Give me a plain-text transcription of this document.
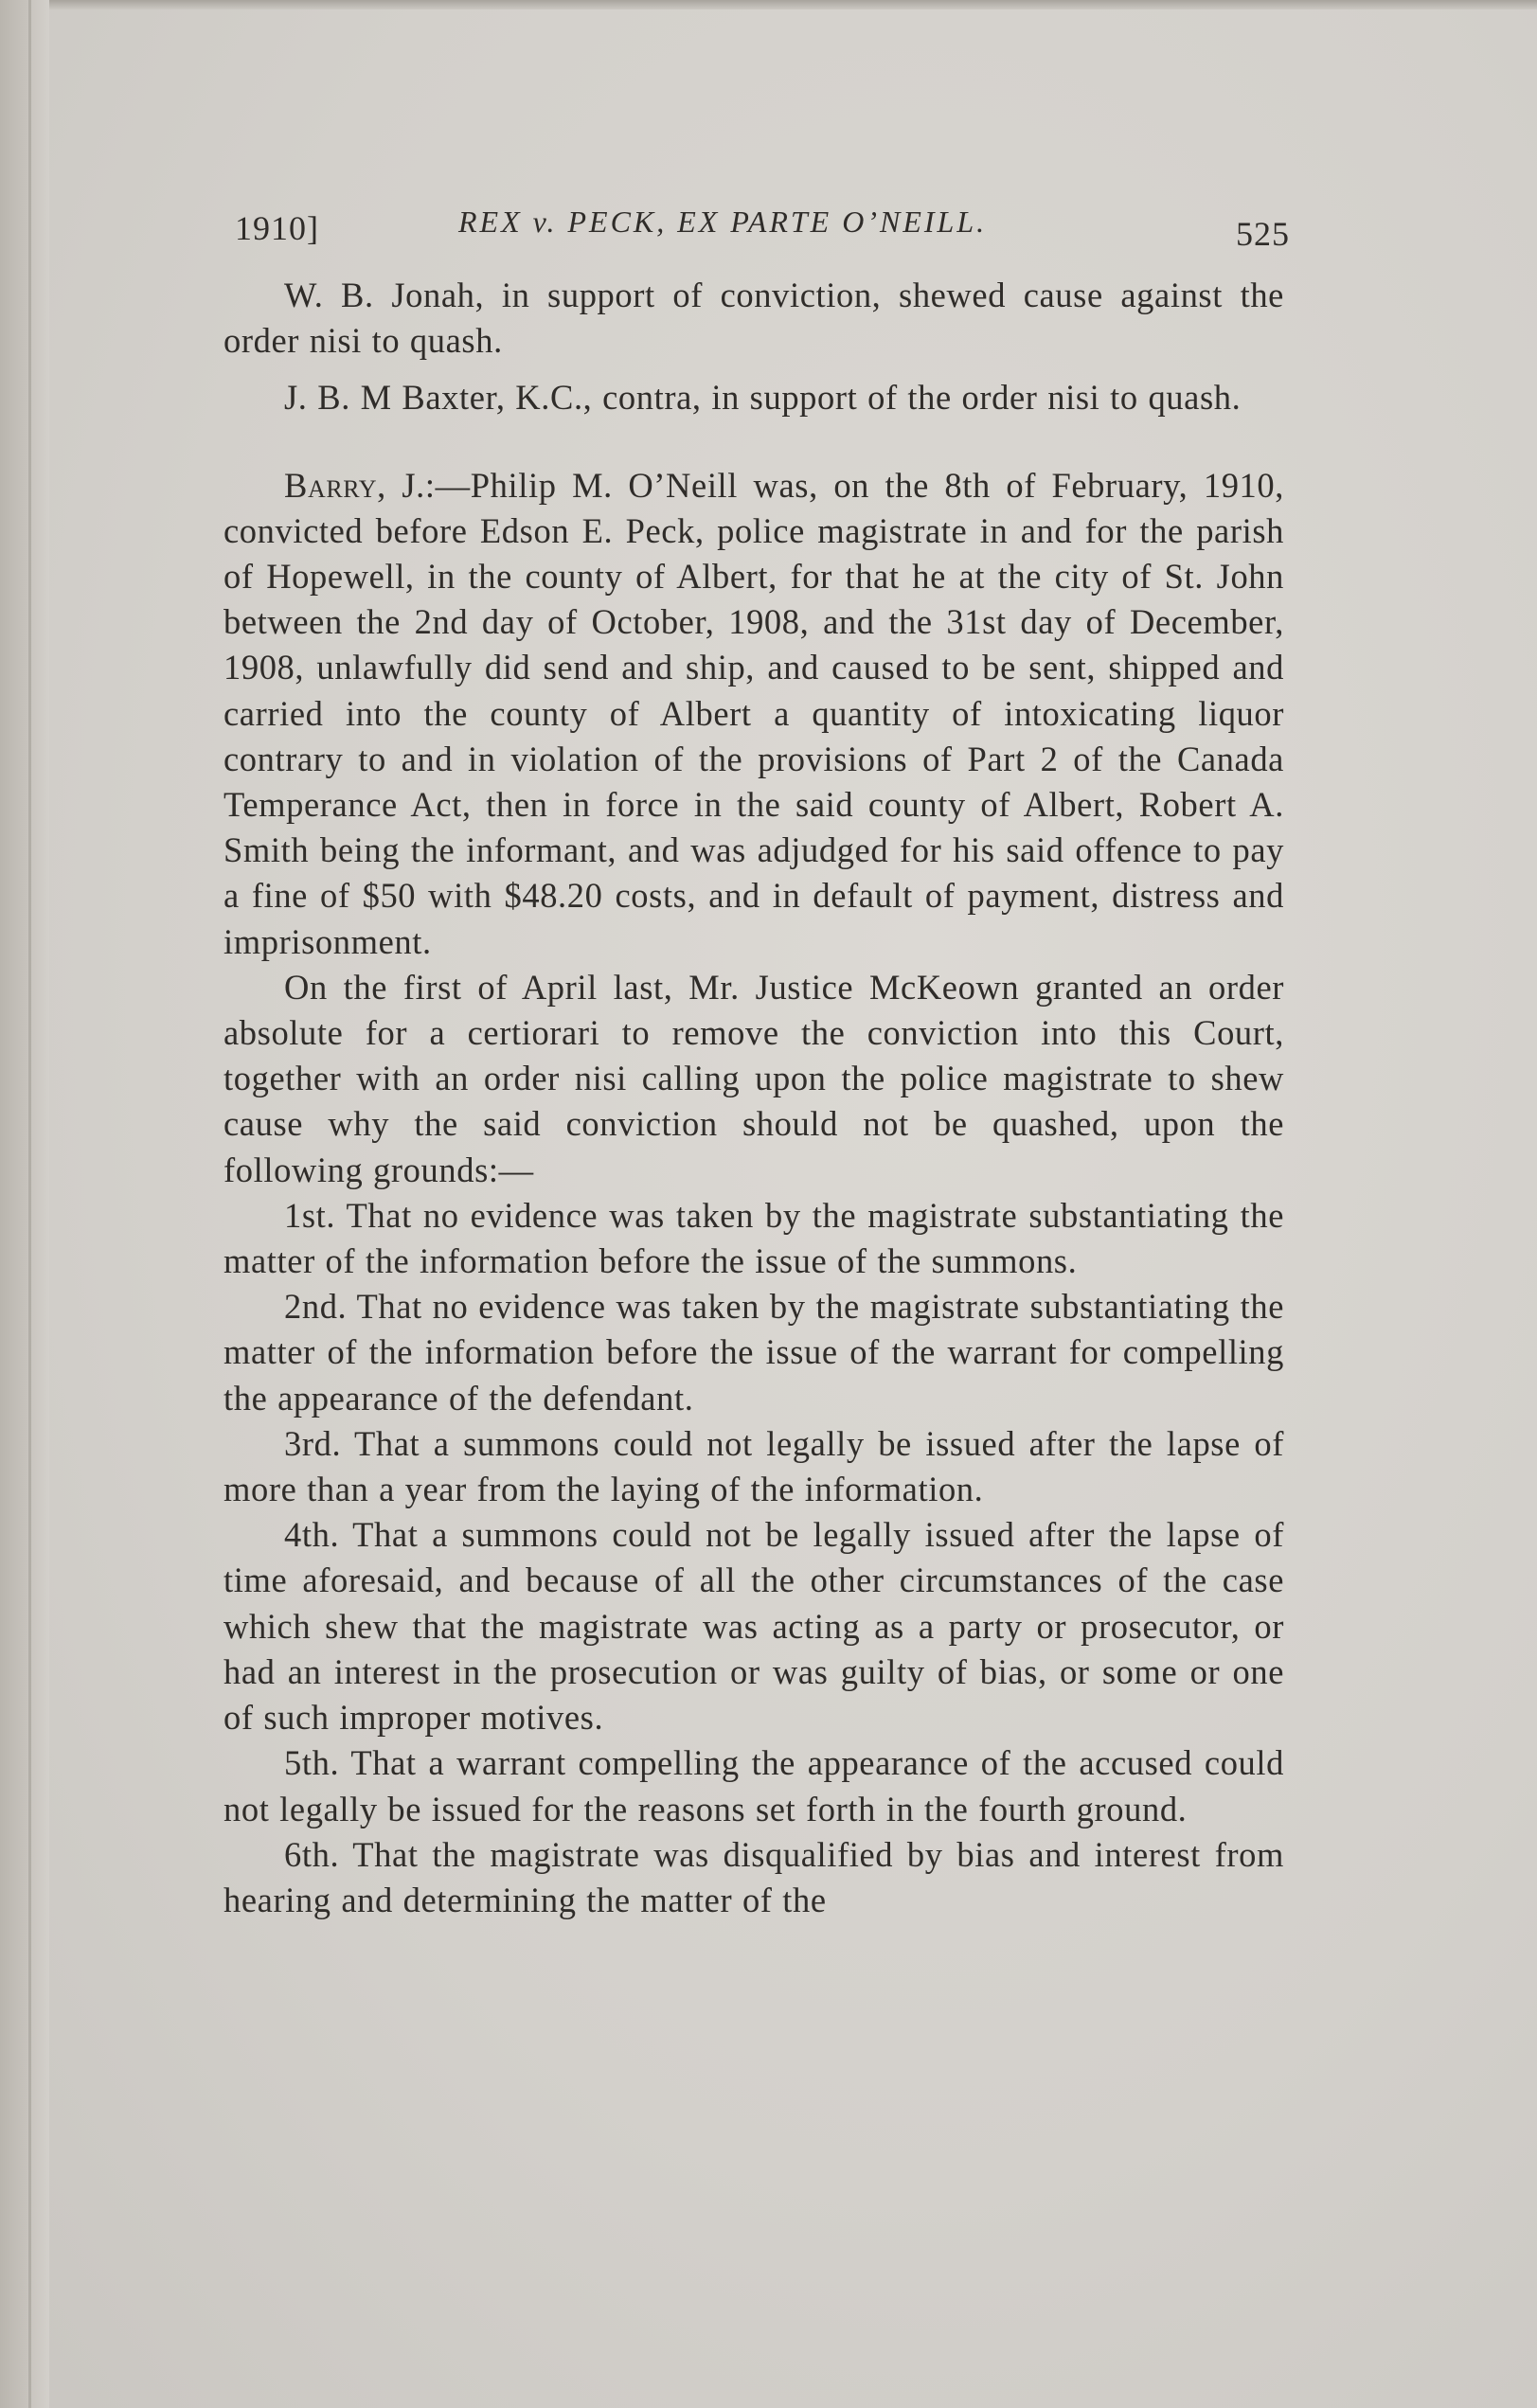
1910]	REX v. PECK, EX PARTE O’NEILL.	525

W. B. Jonah, in support of conviction, shewed cause against the order nisi to quash.

J. B. M Baxter, K.C., contra, in support of the order nisi to quash.

Barry, J.:—Philip M. O’Neill was, on the 8th of February, 1910, convicted before Edson E. Peck, police magistrate in and for the parish of Hopewell, in the county of Albert, for that he at the city of St. John between the 2nd day of October, 1908, and the 31st day of December, 1908, unlawfully did send and ship, and caused to be sent, shipped and carried into the county of Albert a quantity of intoxicating liquor contrary to and in violation of the provisions of Part 2 of the Canada Temperance Act, then in force in the said county of Albert, Robert A. Smith being the informant, and was adjudged for his said offence to pay a fine of $50 with $48.20 costs, and in default of payment, distress and imprisonment.

On the first of April last, Mr. Justice McKeown granted an order absolute for a certiorari to remove the conviction into this Court, together with an order nisi calling upon the police magistrate to shew cause why the said conviction should not be quashed, upon the following grounds:—

1st. That no evidence was taken by the magistrate substantiating the matter of the information before the issue of the summons.

2nd. That no evidence was taken by the magistrate substantiating the matter of the information before the issue of the warrant for compelling the appearance of the defendant.

3rd. That a summons could not legally be issued after the lapse of more than a year from the laying of the information.

4th. That a summons could not be legally issued after the lapse of time aforesaid, and because of all the other circumstances of the case which shew that the magistrate was acting as a party or prosecutor, or had an interest in the prosecution or was guilty of bias, or some or one of such improper motives.

5th. That a warrant compelling the appearance of the accused could not legally be issued for the reasons set forth in the fourth ground.

6th. That the magistrate was disqualified by bias and interest from hearing and determining the matter of the
